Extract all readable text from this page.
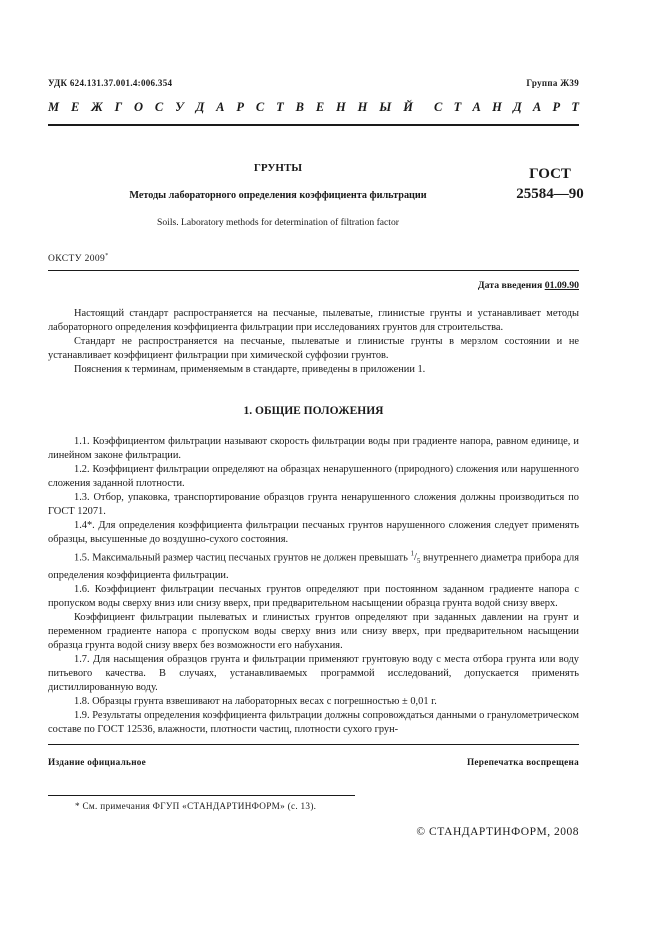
УДК 624.131.37.001.4:006.354	Группа Ж39
М Е Ж Г О С У Д А Р С Т В Е Н Н Ы Й С Т А Н Д А Р Т
ГРУНТЫ
Методы лабораторного определения коэффициента фильтрации
Soils. Laboratory methods for determination of filtration factor
ГОСТ
25584—90
ОКСТУ 2009*
Дата введения 01.09.90

Настоящий стандарт распространяется на песчаные, пылеватые, глинистые грунты и устанавливает методы лабораторного определения коэффициента фильтрации при исследованиях грунтов для строительства.

Стандарт не распространяется на песчаные, пылеватые и глинистые грунты в мерзлом состоянии и не устанавливает коэффициент фильтрации при химической суффозии грунтов.

Пояснения к терминам, применяемым в стандарте, приведены в приложении 1.

1. ОБЩИЕ ПОЛОЖЕНИЯ

1.1. Коэффициентом фильтрации называют скорость фильтрации воды при градиенте напора, равном единице, и линейном законе фильтрации.

1.2. Коэффициент фильтрации определяют на образцах ненарушенного (природного) сложения или нарушенного сложения заданной плотности.

1.3. Отбор, упаковка, транспортирование образцов грунта ненарушенного сложения должны производиться по ГОСТ 12071.

1.4*. Для определения коэффициента фильтрации песчаных грунтов нарушенного сложения следует применять образцы, высушенные до воздушно-сухого состояния.

1.5. Максимальный размер частиц песчаных грунтов не должен превышать $^1/_5$ внутреннего диаметра прибора для определения коэффициента фильтрации.

1.6. Коэффициент фильтрации песчаных грунтов определяют при постоянном заданном градиенте напора с пропуском воды сверху вниз или снизу вверх, при предварительном насыщении образца грунта водой снизу вверх.

Коэффициент фильтрации пылеватых и глинистых грунтов определяют при заданных давлении на грунт и переменном градиенте напора с пропуском воды сверху вниз или снизу вверх, при предварительном насыщении образца грунта водой снизу вверх без возможности его набухания.

1.7. Для насыщения образцов грунта и фильтрации применяют грунтовую воду с места отбора грунта или воду питьевого качества. В случаях, устанавливаемых программой исследований, допускается применять дистиллированную воду.

1.8. Образцы грунта взвешивают на лабораторных весах с погрешностью ± 0,01 г.

1.9. Результаты определения коэффициента фильтрации должны сопровождаться данными о гранулометрическом составе по ГОСТ 12536, влажности, плотности частиц, плотности сухого грун-

Издание официальное	Перепечатка воспрещена
* См. примечания ФГУП «СТАНДАРТИНФОРМ» (с. 13).
© СТАНДАРТИНФОРМ, 2008
